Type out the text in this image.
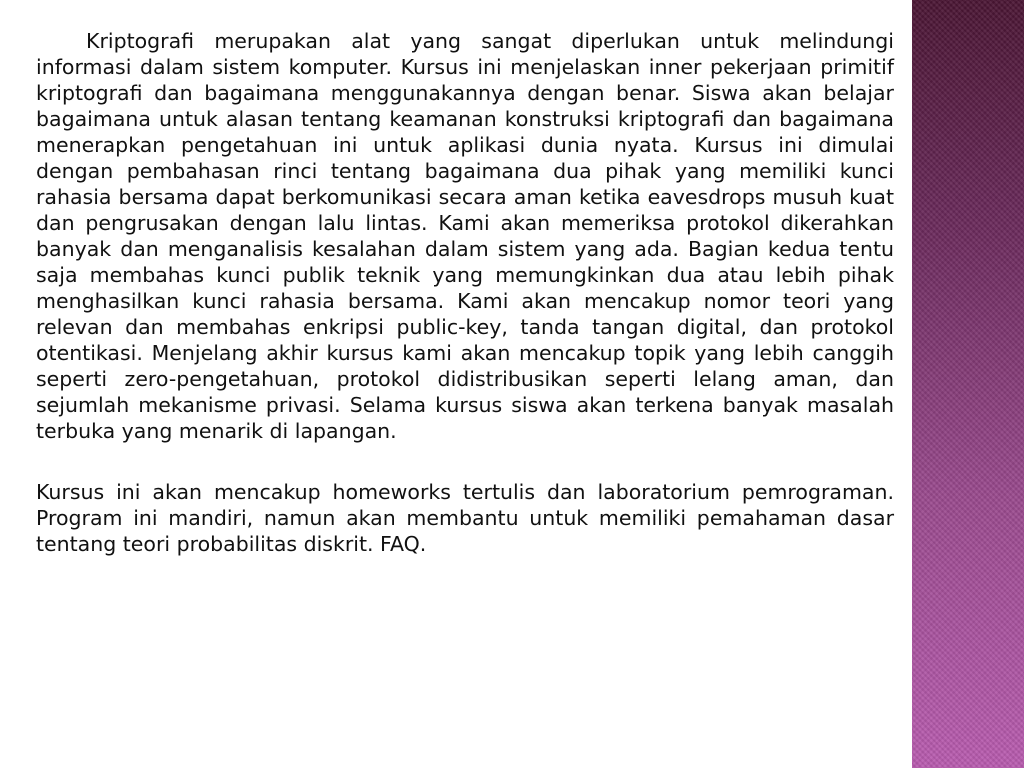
Kriptografi merupakan alat yang sangat diperlukan untuk melindungi informasi dalam sistem komputer. Kursus ini menjelaskan inner pekerjaan primitif kriptografi dan bagaimana menggunakannya dengan benar. Siswa akan belajar bagaimana untuk alasan tentang keamanan konstruksi kriptografi dan bagaimana menerapkan pengetahuan ini untuk aplikasi dunia nyata. Kursus ini dimulai dengan pembahasan rinci tentang bagaimana dua pihak yang memiliki kunci rahasia bersama dapat berkomunikasi secara aman ketika eavesdrops musuh kuat dan pengrusakan dengan lalu lintas. Kami akan memeriksa protokol dikerahkan banyak dan menganalisis kesalahan dalam sistem yang ada. Bagian kedua tentu saja membahas kunci publik teknik yang memungkinkan dua atau lebih pihak menghasilkan kunci rahasia bersama. Kami akan mencakup nomor teori yang relevan dan membahas enkripsi public-key, tanda tangan digital, dan protokol otentikasi. Menjelang akhir kursus kami akan mencakup topik yang lebih canggih seperti zero-pengetahuan, protokol didistribusikan seperti lelang aman, dan sejumlah mekanisme privasi. Selama kursus siswa akan terkena banyak masalah terbuka yang menarik di lapangan.

Kursus ini akan mencakup homeworks tertulis dan laboratorium pemrograman. Program ini mandiri, namun akan membantu untuk memiliki pemahaman dasar tentang teori probabilitas diskrit. FAQ.
